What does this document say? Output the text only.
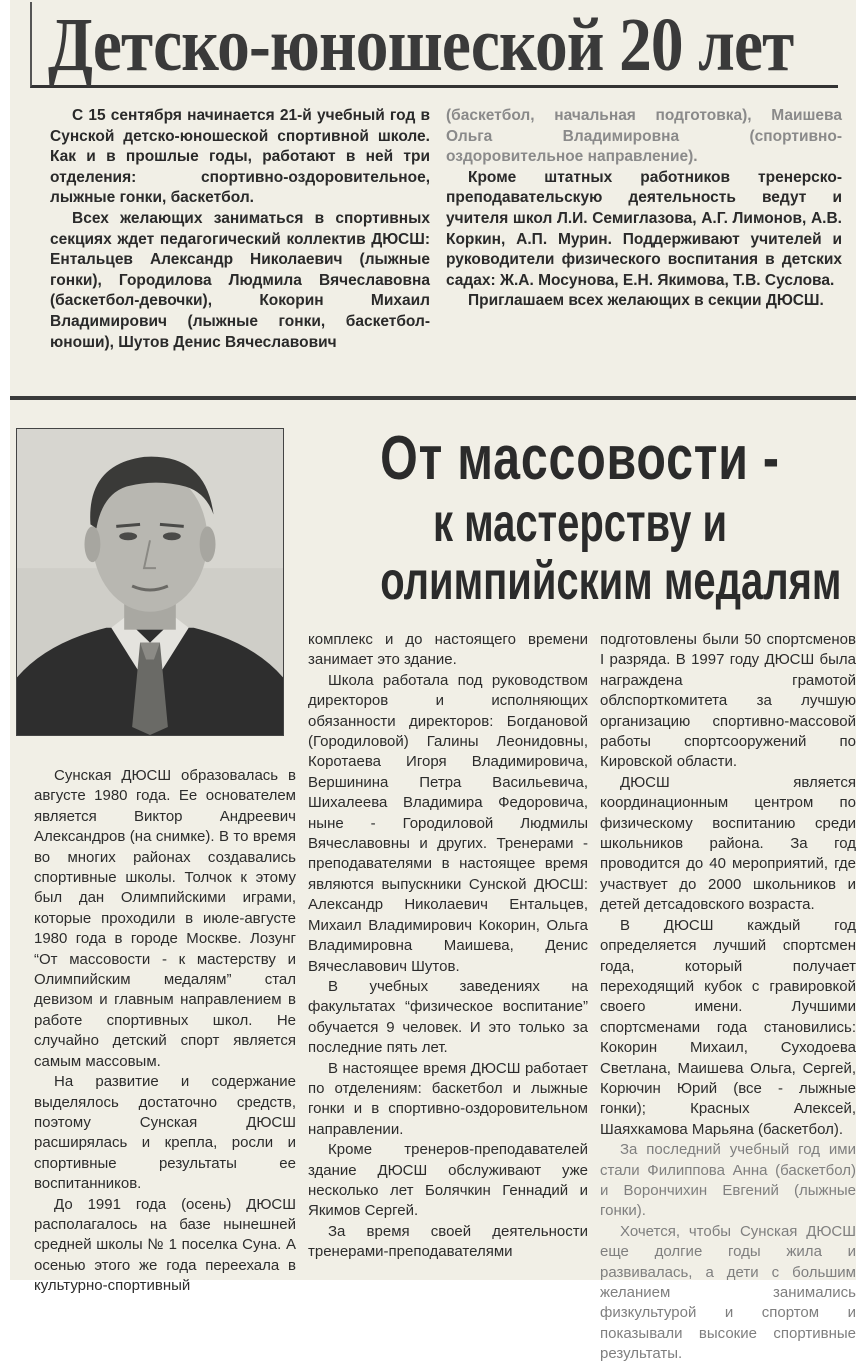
Детско-юношеской 20 лет

С 15 сентября начинается 21-й учебный год в Сунской детско-юношеской спортивной школе. Как и в прошлые годы, работают в ней три отделения: спортивно-оздоровительное, лыжные гонки, баскетбол.

Всех желающих заниматься в спортивных секциях ждет педагогический коллектив ДЮСШ: Ентальцев Александр Николаевич (лыжные гонки), Городилова Людмила Вячеславовна (баскетбол-девочки), Кокорин Михаил Владимирович (лыжные гонки, баскетбол-юноши), Шутов Денис Вячеславович

(баскетбол, начальная подготовка), Маишева Ольга Владимировна (спортивно-оздоровительное направление).

Кроме штатных работников тренерско-преподавательскую деятельность ведут и учителя школ Л.И. Семиглазова, А.Г. Лимонов, А.В. Коркин, А.П. Мурин. Поддерживают учителей и руководители физического воспитания в детских садах: Ж.А. Мосунова, Е.Н. Якимова, Т.В. Суслова.

Приглашаем всех желающих в секции ДЮСШ.

От массовости -
к мастерству и
олимпийским медалям

Сунская ДЮСШ образовалась в августе 1980 года. Ее основателем является Виктор Андреевич Александров (на снимке). В то время во многих районах создавались спортивные школы. Толчок к этому был дан Олимпийскими играми, которые проходили в июле-августе 1980 года в городе Москве. Лозунг “От массовости - к мастерству и Олимпийским медалям” стал девизом и главным направлением в работе спортивных школ. Не случайно детский спорт является самым массовым.

На развитие и содержание выделялось достаточно средств, поэтому Сунская ДЮСШ расширялась и крепла, росли и спортивные результаты ее воспитанников.

До 1991 года (осень) ДЮСШ располагалось на базе нынешней средней школы № 1 поселка Суна. А осенью этого же года переехала в культурно-спортивный

комплекс и до настоящего времени занимает это здание.

Школа работала под руководством директоров и исполняющих обязанности директоров: Богдановой (Городиловой) Галины Леонидовны, Коротаева Игоря Владимировича, Вершинина Петра Васильевича, Шихалеева Владимира Федоровича, ныне - Городиловой Людмилы Вячеславовны и других. Тренерами - преподавателями в настоящее время являются выпускники Сунской ДЮСШ: Александр Николаевич Ентальцев, Михаил Владимирович Кокорин, Ольга Владимировна Маишева, Денис Вячеславович Шутов.

В учебных заведениях на факультатах “физическое воспитание” обучается 9 человек. И это только за последние пять лет.

В настоящее время ДЮСШ работает по отделениям: баскетбол и лыжные гонки и в спортивно-оздоровительном направлении.

Кроме тренеров-преподавателей здание ДЮСШ обслуживают уже несколько лет Болячкин Геннадий и Якимов Сергей.

За время своей деятельности тренерами-преподавателями

подготовлены были 50 спортсменов I разряда. В 1997 году ДЮСШ была награждена грамотой облспорткомитета за лучшую организацию спортивно-массовой работы спортсооружений по Кировской области.

ДЮСШ является координационным центром по физическому воспитанию среди школьников района. За год проводится до 40 мероприятий, где участвует до 2000 школьников и детей детсадовского возраста.

В ДЮСШ каждый год определяется лучший спортсмен года, который получает переходящий кубок с гравировкой своего имени. Лучшими спортсменами года становились: Кокорин Михаил, Суходоева Светлана, Маишева Ольга, Сергей, Корючин Юрий (все - лыжные гонки); Красных Алексей, Шаяхкамова Марьяна (баскетбол).

За последний учебный год ими стали Филиппова Анна (баскетбол) и Ворончихин Евгений (лыжные гонки).

Хочется, чтобы Сунская ДЮСШ еще долгие годы жила и развивалась, а дети с большим желанием занимались физкультурой и спортом и показывали высокие спортивные результаты.
